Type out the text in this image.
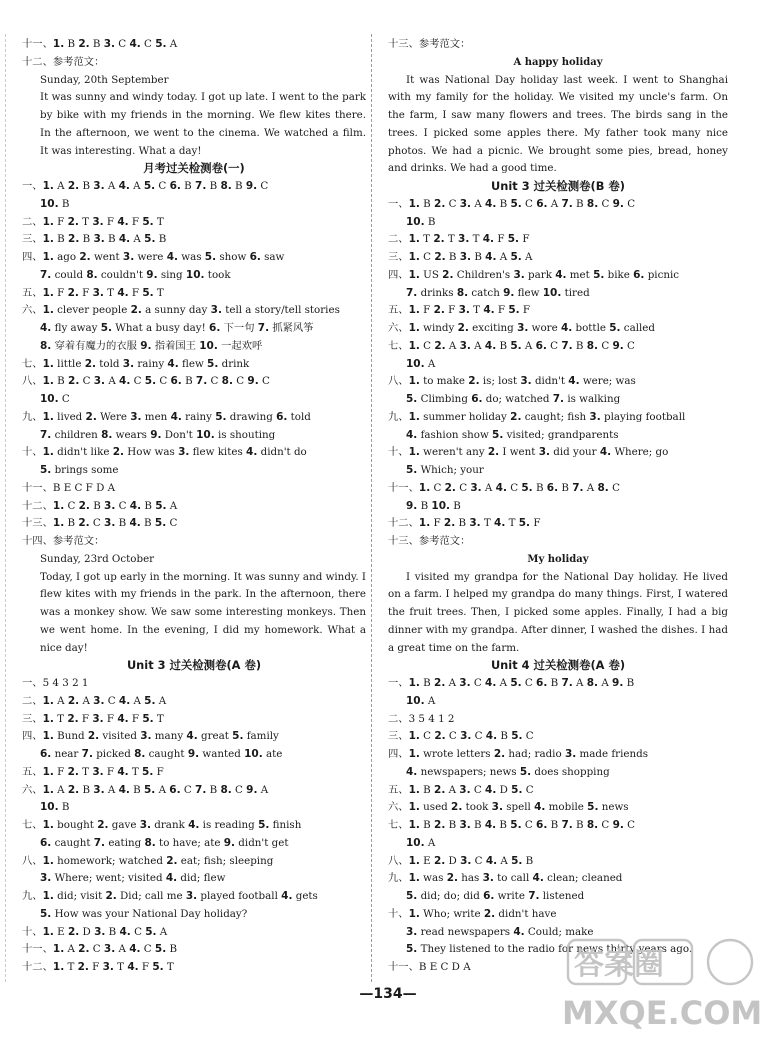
十一、1. B 2. B 3. C 4. C 5. A
十二、参考范文：
Sunday, 20th September
It was sunny and windy today. I got up late. I went to the park by bike with my friends in the morning. We flew kites there. In the afternoon, we went to the cinema. We watched a film. It was interesting. What a day!
月考过关检测卷(一)
一、1. A 2. B 3. A 4. A 5. C 6. B 7. B 8. B 9. C
10. B
二、1. F 2. T 3. F 4. F 5. T
三、1. B 2. B 3. B 4. A 5. B
四、1. ago 2. went 3. were 4. was 5. show 6. saw
7. could 8. couldn't 9. sing 10. took
五、1. F 2. F 3. T 4. F 5. T
六、1. clever people 2. a sunny day 3. tell a story/tell stories
4. fly away 5. What a busy day! 6. 下一句 7. 抓紧风筝
8. 穿着有魔力的衣服 9. 指着国王 10. 一起欢呼
七、1. little 2. told 3. rainy 4. flew 5. drink
八、1. B 2. C 3. A 4. C 5. C 6. B 7. C 8. C 9. C
10. C
九、1. lived 2. Were 3. men 4. rainy 5. drawing 6. told
7. children 8. wears 9. Don't 10. is shouting
十、1. didn't like 2. How was 3. flew kites 4. didn't do
5. brings some
十一、B E C F D A
十二、1. C 2. B 3. C 4. B 5. A
十三、1. B 2. C 3. B 4. B 5. C
十四、参考范文：
Sunday, 23rd October
Today, I got up early in the morning. It was sunny and windy. I flew kites with my friends in the park. In the afternoon, there was a monkey show. We saw some interesting monkeys. Then we went home. In the evening, I did my homework. What a nice day!
Unit 3 过关检测卷(A 卷)
一、5 4 3 2 1
二、1. A 2. A 3. C 4. A 5. A
三、1. T 2. F 3. F 4. F 5. T
四、1. Bund 2. visited 3. many 4. great 5. family
6. near 7. picked 8. caught 9. wanted 10. ate
五、1. F 2. T 3. F 4. T 5. F
六、1. A 2. B 3. A 4. B 5. A 6. C 7. B 8. C 9. A
10. B
七、1. bought 2. gave 3. drank 4. is reading 5. finish
6. caught 7. eating 8. to have; ate 9. didn't get
八、1. homework; watched 2. eat; fish; sleeping
3. Where; went; visited 4. did; flew
九、1. did; visit 2. Did; call me 3. played football 4. gets
5. How was your National Day holiday?
十、1. E 2. D 3. B 4. C 5. A
十一、1. A 2. C 3. A 4. C 5. B
十二、1. T 2. F 3. T 4. F 5. T
十三、参考范文：
A happy holiday
It was National Day holiday last week. I went to Shanghai with my family for the holiday. We visited my uncle's farm. On the farm, I saw many flowers and trees. The birds sang in the trees. I picked some apples there. My father took many nice photos. We had a picnic. We brought some pies, bread, honey and drinks. We had a good time.
Unit 3 过关检测卷(B 卷)
一、1. B 2. C 3. A 4. B 5. C 6. A 7. B 8. C 9. C
10. B
二、1. T 2. T 3. T 4. F 5. F
三、1. C 2. B 3. B 4. A 5. A
四、1. US 2. Children's 3. park 4. met 5. bike 6. picnic
7. drinks 8. catch 9. flew 10. tired
五、1. F 2. F 3. T 4. F 5. F
六、1. windy 2. exciting 3. wore 4. bottle 5. called
七、1. C 2. A 3. A 4. B 5. A 6. C 7. B 8. C 9. C
10. A
八、1. to make 2. is; lost 3. didn't 4. were; was
5. Climbing 6. do; watched 7. is walking
九、1. summer holiday 2. caught; fish 3. playing football
4. fashion show 5. visited; grandparents
十、1. weren't any 2. I went 3. did your 4. Where; go
5. Which; your
十一、1. C 2. C 3. A 4. C 5. B 6. B 7. A 8. C
9. B 10. B
十二、1. F 2. B 3. T 4. T 5. F
十三、参考范文：
My holiday
I visited my grandpa for the National Day holiday. He lived on a farm. I helped my grandpa do many things. First, I watered the fruit trees. Then, I picked some apples. Finally, I had a big dinner with my grandpa. After dinner, I washed the dishes. I had a great time on the farm.
Unit 4 过关检测卷(A 卷)
一、1. B 2. A 3. C 4. A 5. C 6. B 7. A 8. A 9. B
10. A
二、3 5 4 1 2
三、1. C 2. C 3. C 4. B 5. C
四、1. wrote letters 2. had; radio 3. made friends
4. newspapers; news 5. does shopping
五、1. B 2. A 3. C 4. D 5. C
六、1. used 2. took 3. spell 4. mobile 5. news
七、1. B 2. B 3. B 4. B 5. C 6. B 7. B 8. C 9. C
10. A
八、1. E 2. D 3. C 4. A 5. B
九、1. was 2. has 3. to call 4. clean; cleaned
5. did; do; did 6. write 7. listened
十、1. Who; write 2. didn't have
3. read newspapers 4. Could; make
5. They listened to the radio for news thirty years ago.
十一、B E C D A
—134—
答案圈
MXQE.COM
